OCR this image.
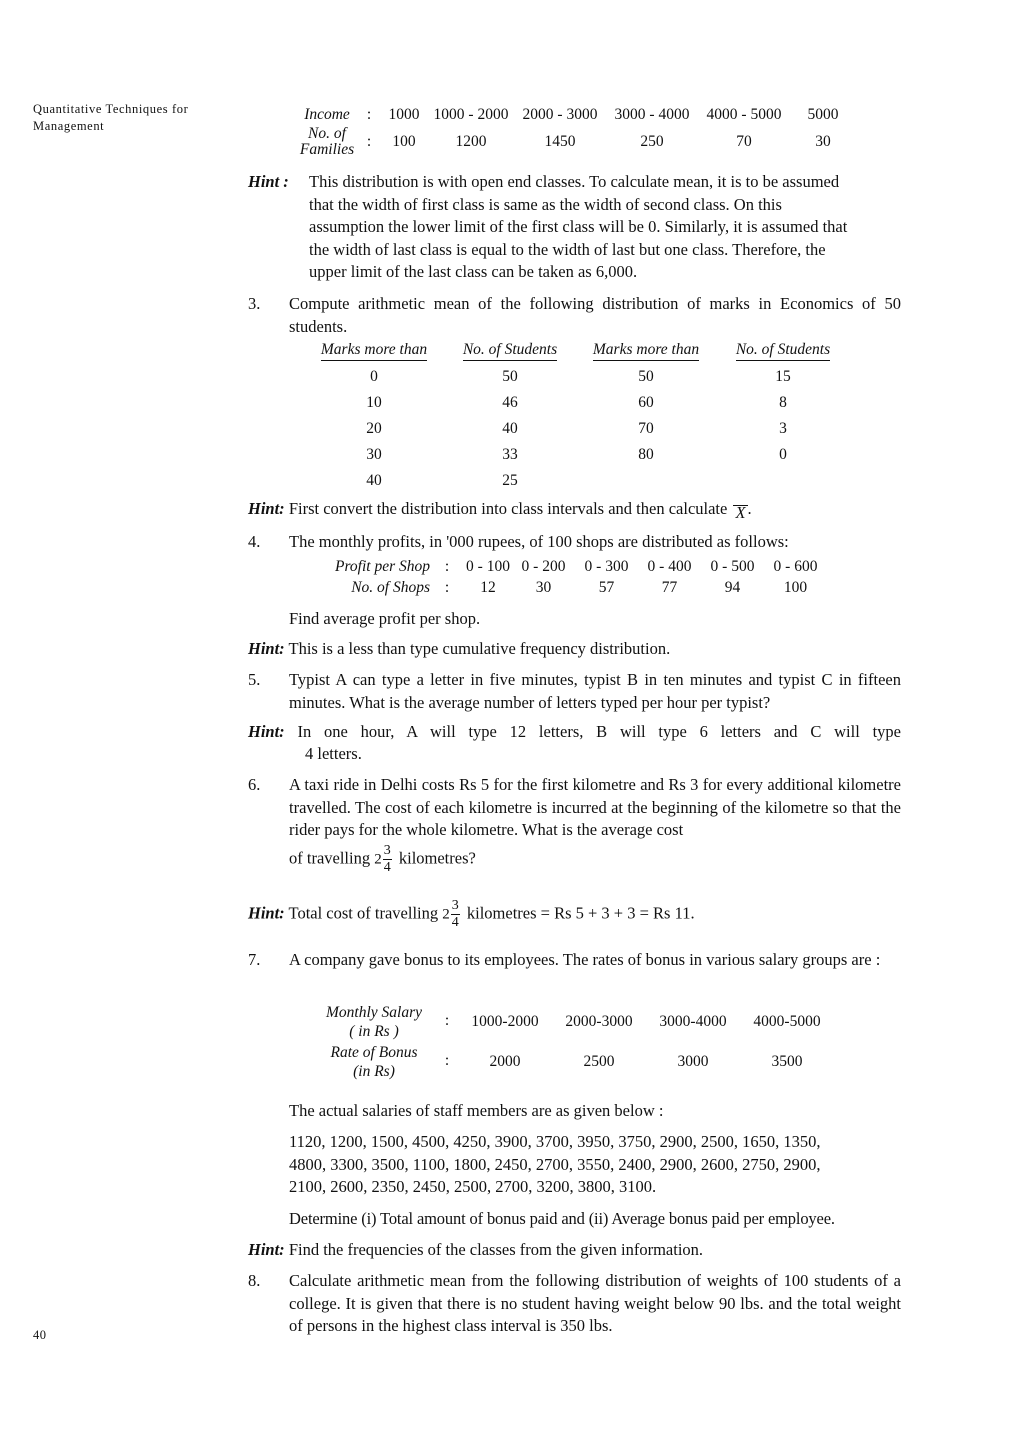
Quantitative Techniques for
Management
40
Income	:	1000	1000 - 2000	2000 - 3000	3000 - 4000	4000 - 5000	5000

No. of
Families	:	100	1200	1450	250	70	30
Hint : This distribution is with open end classes. To calculate mean, it is to be assumed
that the width of first class is same as the width of second class. On this
assumption the lower limit of the first class will be 0. Similarly, it is assumed that
the width of last class is equal to the width of last but one class. Therefore, the
upper limit of the last class can be taken as 6,000.
3. Compute arithmetic mean of the following distribution of marks in Economics of 50 students.
Marks more than	No. of Students	Marks more than	No. of Students
0	50	50	15
10	46	60	8
20	40	70	3
30	33	80	0
40	25		
Hint: First convert the distribution into class intervals and then calculate X .
4. The monthly profits, in '000 rupees, of 100 shops are distributed as follows:
Profit per Shop	:	0 - 100	0 - 200	0 - 300	0 - 400	0 - 500	0 - 600
No. of Shops	:	12	30	57	77	94	100
Find average profit per shop.
Hint: This is a less than type cumulative frequency distribution.
5. Typist A can type a letter in five minutes, typist B in ten minutes and typist C in fifteen minutes. What is the average number of letters typed per hour per typist?
Hint: In one hour, A will type 12 letters, B will type 6 letters and C will type
4 letters.
6. A taxi ride in Delhi costs Rs 5 for the first kilometre and Rs 3 for every additional kilometre travelled. The cost of each kilometre is incurred at the beginning of the kilometre so that the rider pays for the whole kilometre. What is the average cost
of travelling $2 \frac{3}{4}$ kilometres?
Hint: Total cost of travelling $2 \frac{3}{4}$ kilometres = Rs 5 + 3 + 3 = Rs 11.
7. A company gave bonus to its employees. The rates of bonus in various salary groups are :
Monthly Salary
( in Rs )	:	1000-2000	2000-3000	3000-4000	4000-5000

Rate of Bonus
(in Rs)	:	2000	2500	3000	3500
The actual salaries of staff members are as given below :
1120, 1200, 1500, 4500, 4250, 3900, 3700, 3950, 3750, 2900, 2500, 1650, 1350,
4800, 3300, 3500, 1100, 1800, 2450, 2700, 3550, 2400, 2900, 2600, 2750, 2900,
2100, 2600, 2350, 2450, 2500, 2700, 3200, 3800, 3100.
Determine (i) Total amount of bonus paid and (ii) Average bonus paid per employee.
Hint: Find the frequencies of the classes from the given information.
8. Calculate arithmetic mean from the following distribution of weights of 100 students of a college. It is given that there is no student having weight below 90 lbs. and the total weight of persons in the highest class interval is 350 lbs.
